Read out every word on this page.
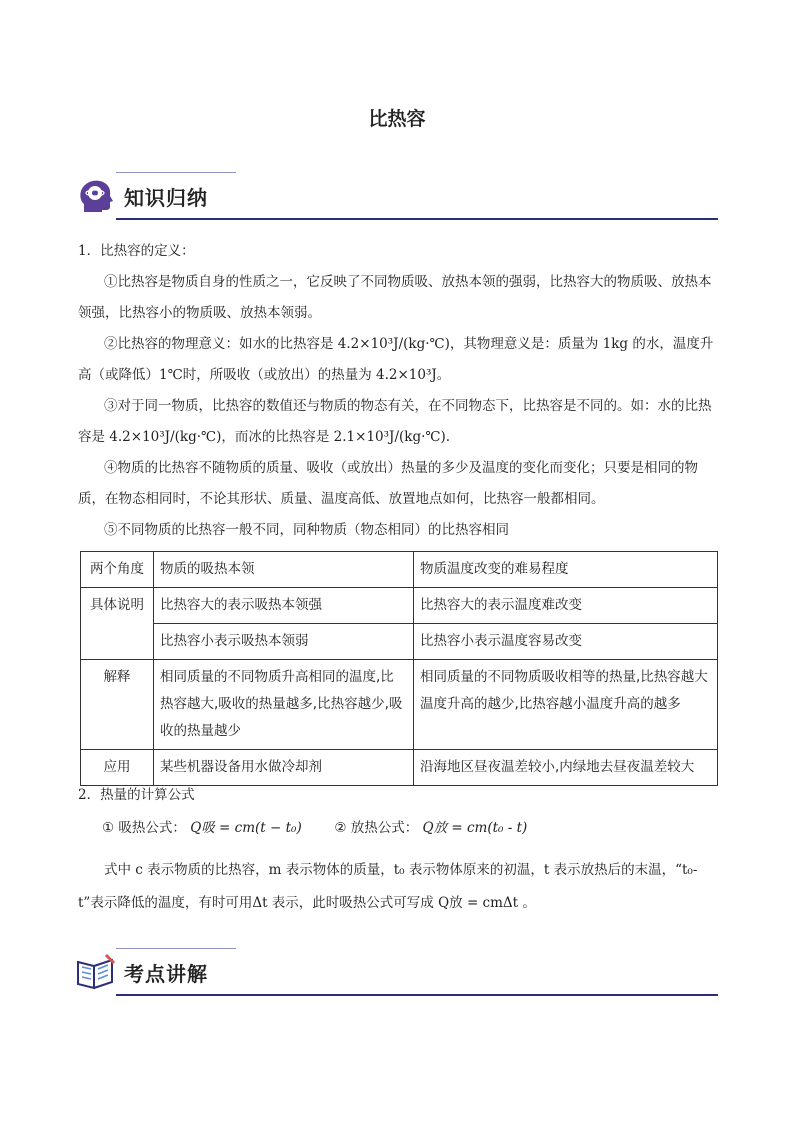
比热容
知识归纳

1．比热容的定义：

①比热容是物质自身的性质之一，它反映了不同物质吸、放热本领的强弱，比热容大的物质吸、放热本领强，比热容小的物质吸、放热本领弱。

②比热容的物理意义：如水的比热容是 4.2×10³J/(kg·℃)，其物理意义是：质量为 1kg 的水，温度升高（或降低）1℃时，所吸收（或放出）的热量为 4.2×10³J。

③对于同一物质，比热容的数值还与物质的物态有关，在不同物态下，比热容是不同的。如：水的比热容是 4.2×10³J/(kg·℃)，而冰的比热容是 2.1×10³J/(kg·℃).

④物质的比热容不随物质的质量、吸收（或放出）热量的多少及温度的变化而变化；只要是相同的物质，在物态相同时，不论其形状、质量、温度高低、放置地点如何，比热容一般都相同。

⑤不同物质的比热容一般不同，同种物质（物态相同）的比热容相同

两个角度	物质的吸热本领	物质温度改变的难易程度
具体说明	比热容大的表示吸热本领强	比热容大的表示温度难改变
	比热容小表示吸热本领弱	比热容小表示温度容易改变
解释	相同质量的不同物质升高相同的温度,比热容越大,吸收的热量越多,比热容越少,吸收的热量越少	相同质量的不同物质吸收相等的热量,比热容越大温度升高的越少,比热容越小温度升高的越多
应用	某些机器设备用水做冷却剂	沿海地区昼夜温差较小,内绿地去昼夜温差较大

2．热量的计算公式

① 吸热公式： Q吸 = cm(t − t₀) ② 放热公式： Q放 = cm(t₀ - t)

式中 c 表示物质的比热容，m 表示物体的质量，t₀ 表示物体原来的初温，t 表示放热后的末温，“t₀-t”表示降低的温度，有时可用Δt 表示，此时吸热公式可写成 Q放 = cmΔt 。

考点讲解
